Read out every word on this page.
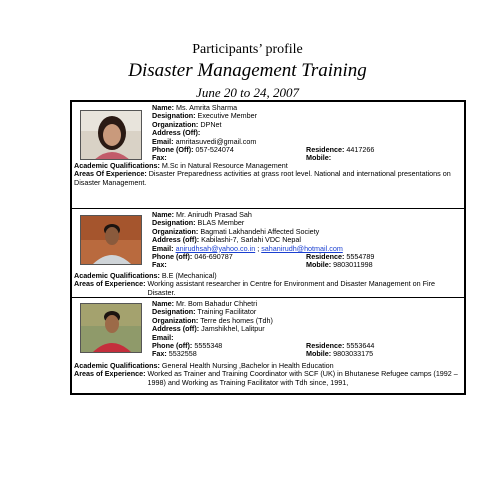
Participants’ profile
Disaster Management Training
June 20 to 24, 2007
Name: Ms. Amrita Sharma
Designation: Executive Member
Organization: DPNet
Address (Off):
Email: amritasuvedi@gmail.com
Phone (Off): 057-524074	Residence: 4417266
Fax:	Mobile:
Academic Qualifications: M.Sc in Natural Resource Management
Areas Of Experience: Disaster Preparedness activities at grass root level. National and international presentations on Disaster Management.
Name: Mr. Anirudh Prasad Sah
Designation: BLAS Member
Organization: Bagmati Lakhandehi Affected Society
Address (off): Kabilashi-7, Sarlahi VDC Nepal
Email: anirudhsah@yahoo.co.in ; sahanirudh@hotmail.com
Phone (off): 046-690787	Residence: 5554789
Fax:	Mobile: 9803011998
Academic Qualifications: B.E (Mechanical)
Areas of Experience: Working assistant researcher in Centre for Environment and Disaster Management on Fire Disaster.
Name: Mr. Bom Bahadur Chhetri
Designation: Training Facilitator
Organization: Terre des homes (Tdh)
Address (off): Jamshikhel, Lalitpur
Email:
Phone (off): 5555348	Residence: 5553644
Fax: 5532558	Mobile: 9803033175
Academic Qualifications: General Health Nursing ,Bachelor in Health Education
Areas of Experience: Worked as Trainer and Training Coordinator with SCF (UK) in Bhutanese Refugee camps (1992 – 1998) and Working as Training Facilitator with Tdh since, 1991,
